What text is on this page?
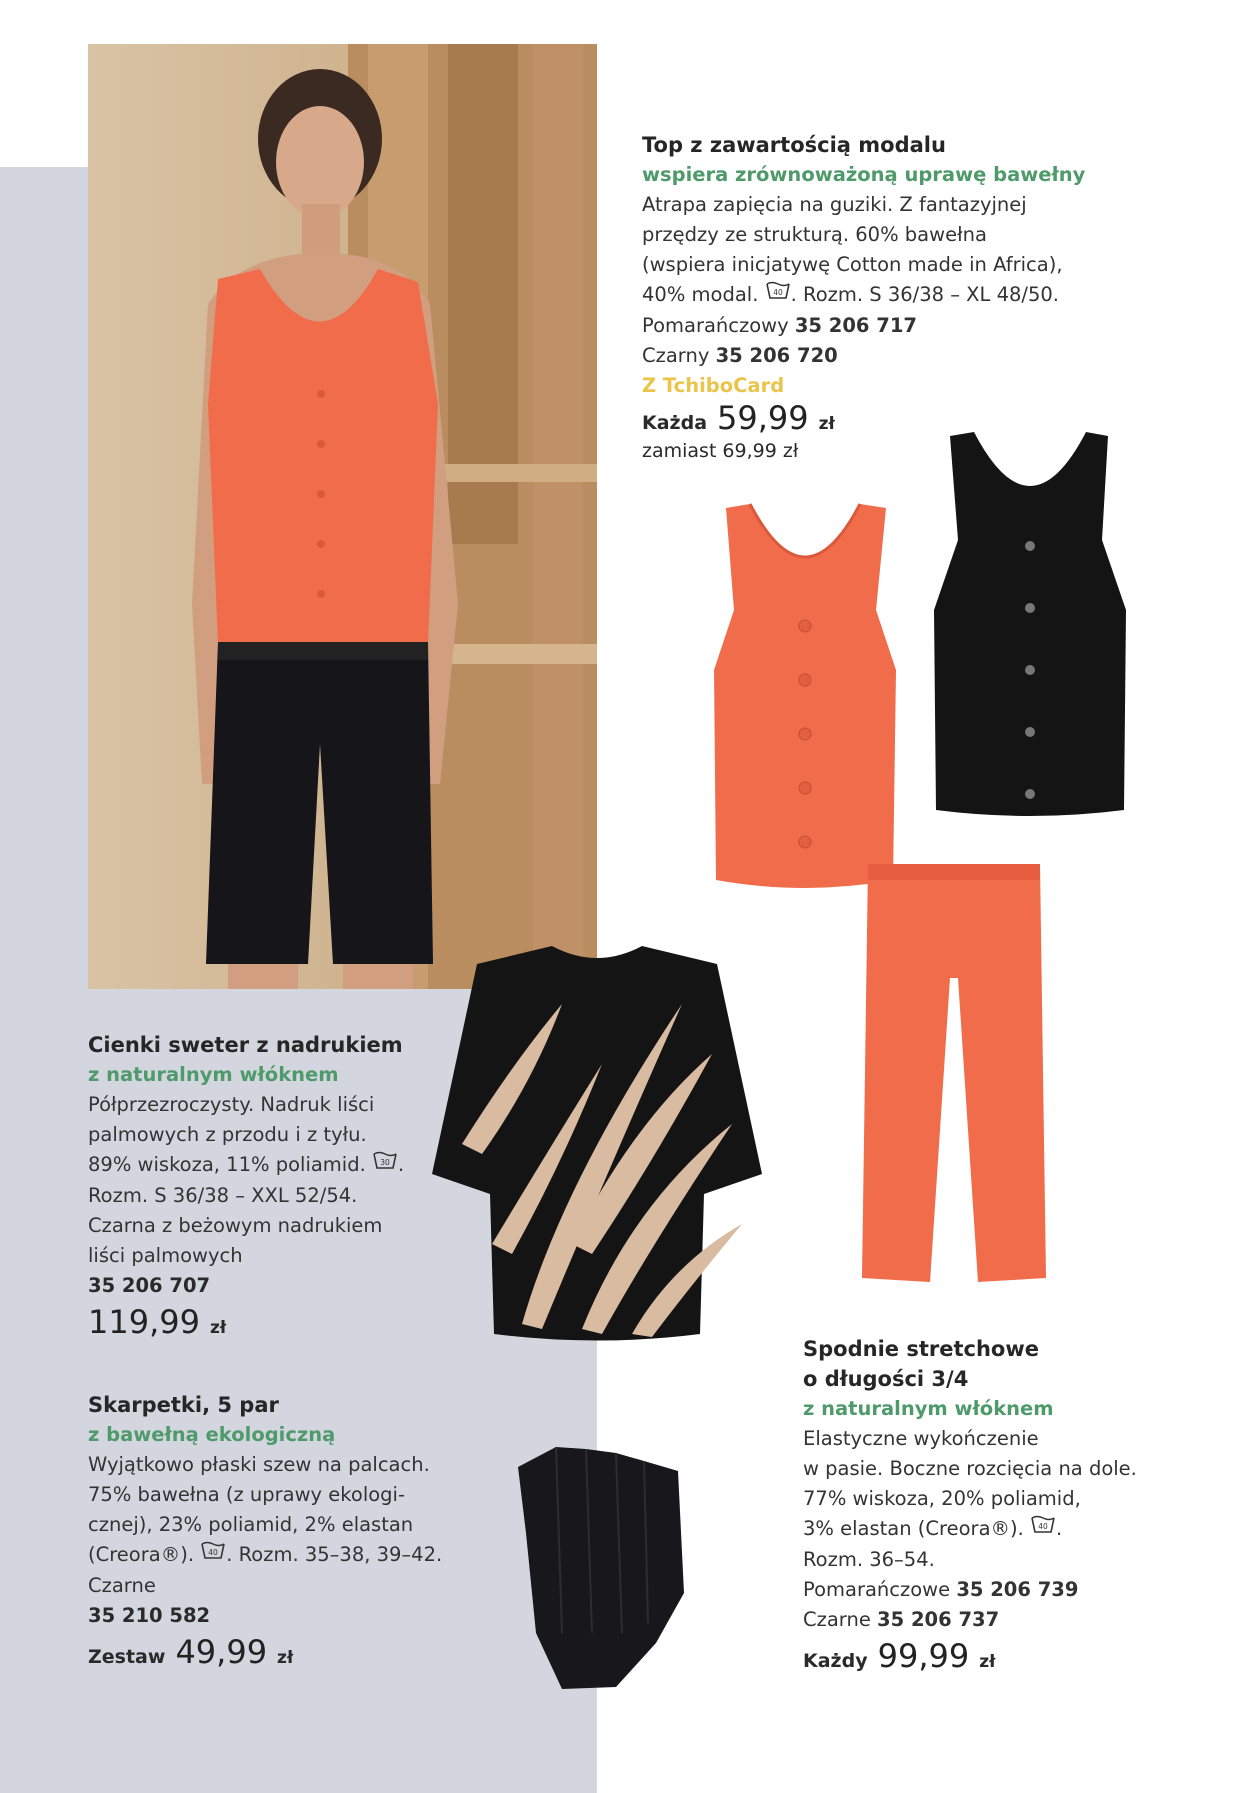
Top z zawartością modalu
wspiera zrównoważoną uprawę bawełny
Atrapa zapięcia na guziki. Z fantazyjnej
przędzy ze strukturą. 60% bawełna
(wspiera inicjatywę Cotton made in Africa),
40% modal. 40 . Rozm. S 36/38 – XL 48/50.
Pomarańczowy 35 206 717
Czarny 35 206 720
Z TchiboCard
Każda 59,99 zł
zamiast 69,99 zł
Cienki sweter z nadrukiem
z naturalnym włóknem
Półprzezroczysty. Nadruk liści
palmowych z przodu i z tyłu.
89% wiskoza, 11% poliamid. 30 .
Rozm. S 36/38 – XXL 52/54.
Czarna z beżowym nadrukiem
liści palmowych
35 206 707
119,99 zł
Skarpetki, 5 par
z bawełną ekologiczną
Wyjątkowo płaski szew na palcach.
75% bawełna (z uprawy ekologi-
cznej), 23% poliamid, 2% elastan
(Creora®). 40 . Rozm. 35–38, 39–42.
Czarne
35 210 582
Zestaw 49,99 zł
Spodnie stretchowe
o długości 3/4
z naturalnym włóknem
Elastyczne wykończenie
w pasie. Boczne rozcięcia na dole.
77% wiskoza, 20% poliamid,
3% elastan (Creora®). 40 .
Rozm. 36–54.
Pomarańczowe 35 206 739
Czarne 35 206 737
Każdy 99,99 zł
